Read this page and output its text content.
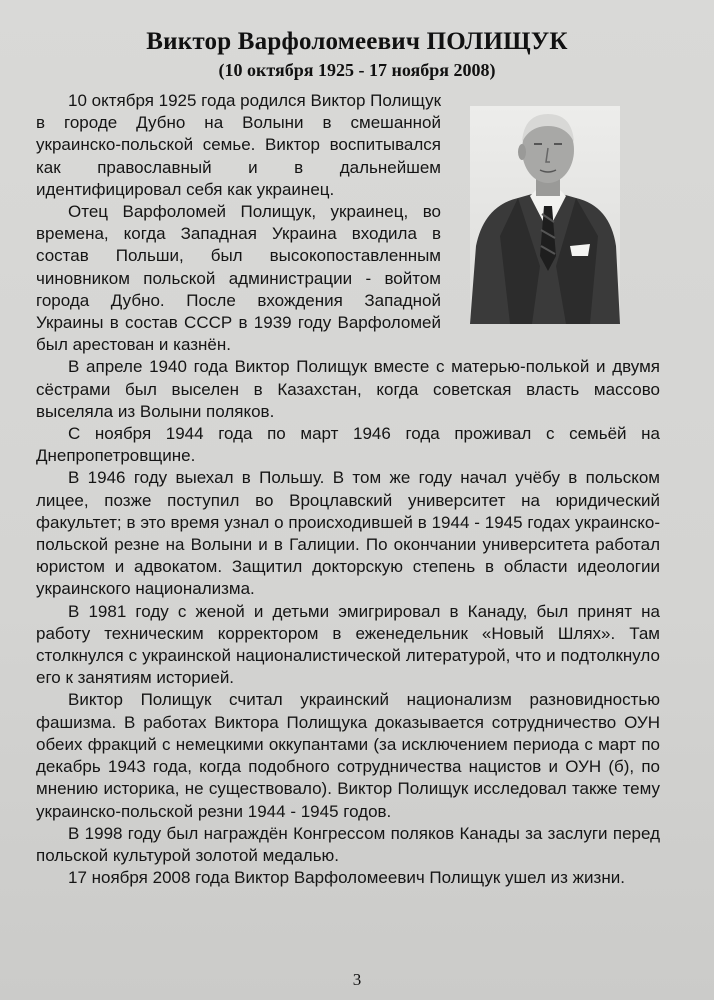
Виктор Варфоломеевич ПОЛИЩУК
(10 октября 1925 - 17 ноября 2008)

10 октября 1925 года родился Виктор Полищук в городе Дубно на Волыни в смешанной украинско-польской семье. Виктор воспитывался как православный и в дальнейшем идентифицировал себя как украинец.

Отец Варфоломей Полищук, украинец, во времена, когда Западная Украина входила в состав Польши, был высокопоставленным чиновником польской администрации - войтом города Дубно. После вхождения Западной Украины в состав СССР в 1939 году Варфоломей был арестован и казнён.

В апреле 1940 года Виктор Полищук вместе с матерью-полькой и двумя сёстрами был выселен в Казахстан, когда советская власть массово выселяла из Волыни поляков.

С ноября 1944 года по март 1946 года проживал с семьёй на Днепропетровщине.

В 1946 году выехал в Польшу. В том же году начал учёбу в польском лицее, позже поступил во Вроцлавский университет на юридический факультет; в это время узнал о происходившей в 1944 - 1945 годах украинско-польской резне на Волыни и в Галиции. По окончании университета работал юристом и адвокатом. Защитил докторскую степень в области идеологии украинского национализма.

В 1981 году с женой и детьми эмигрировал в Канаду, был принят на работу техническим корректором в еженедельник «Новый Шлях». Там столкнулся с украинской националистической литературой, что и подтолкнуло его к занятиям историей.

Виктор Полищук считал украинский национализм разновидностью фашизма. В работах Виктора Полищука доказывается сотрудничество ОУН обеих фракций с немецкими оккупантами (за исключением периода с март по декабрь 1943 года, когда подобного сотрудничества нацистов и ОУН (б), по мнению историка, не существовало). Виктор Полищук исследовал также тему украинско-польской резни 1944 - 1945 годов.

В 1998 году был награждён Конгрессом поляков Канады за заслуги перед польской культурой золотой медалью.

17 ноября 2008 года Виктор Варфоломеевич Полищук ушел из жизни.

3
